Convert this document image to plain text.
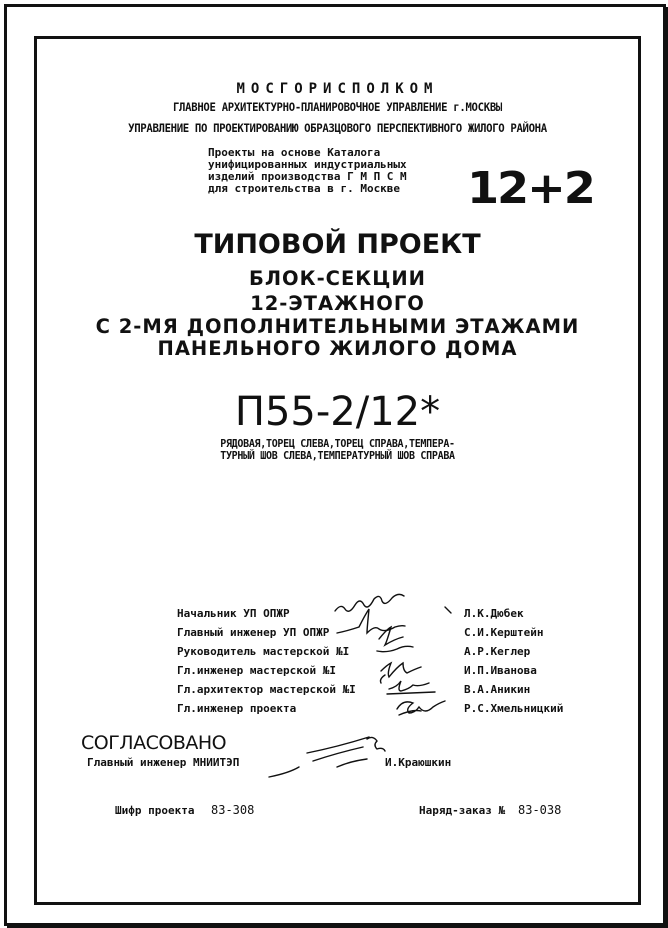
МОСГОРИСПОЛКОМ
ГЛАВНОЕ АРХИТЕКТУРНО-ПЛАНИРОВОЧНОЕ УПРАВЛЕНИЕ г.МОСКВЫ
УПРАВЛЕНИЕ ПО ПРОЕКТИРОВАНИЮ ОБРАЗЦОВОГО ПЕРСПЕКТИВНОГО ЖИЛОГО РАЙОНА
Проекты на основе Каталога
унифицированных индустриальных
изделий производства Г М П С М
для строительства в г. Москве 12+2
ТИПОВОЙ ПРОЕКТ
БЛОК-СЕКЦИИ
12-ЭТАЖНОГО
С 2-МЯ ДОПОЛНИТЕЛЬНЫМИ ЭТАЖАМИ
ПАНЕЛЬНОГО ЖИЛОГО ДОМА
П55-2/12*
РЯДОВАЯ,ТОРЕЦ СЛЕВА,ТОРЕЦ СПРАВА,ТЕМПЕРА-
ТУРНЫЙ ШОВ СЛЕВА,ТЕМПЕРАТУРНЫЙ ШОВ СПРАВА
Начальник УП ОПЖР	Л.К.Дюбек
Главный инженер УП ОПЖР	С.И.Керштейн
Руководитель мастерской №I	А.Р.Кеглер
Гл.инженер мастерской №I	И.П.Иванова
Гл.архитектор мастерской №I	В.А.Аникин
Гл.инженер проекта	Р.С.Хмельницкий
СОГЛАСОВАНО
Главный инженер МНИИТЭП	И.Краюшкин
Шифр проекта 83-308	Наряд-заказ № 83-038
